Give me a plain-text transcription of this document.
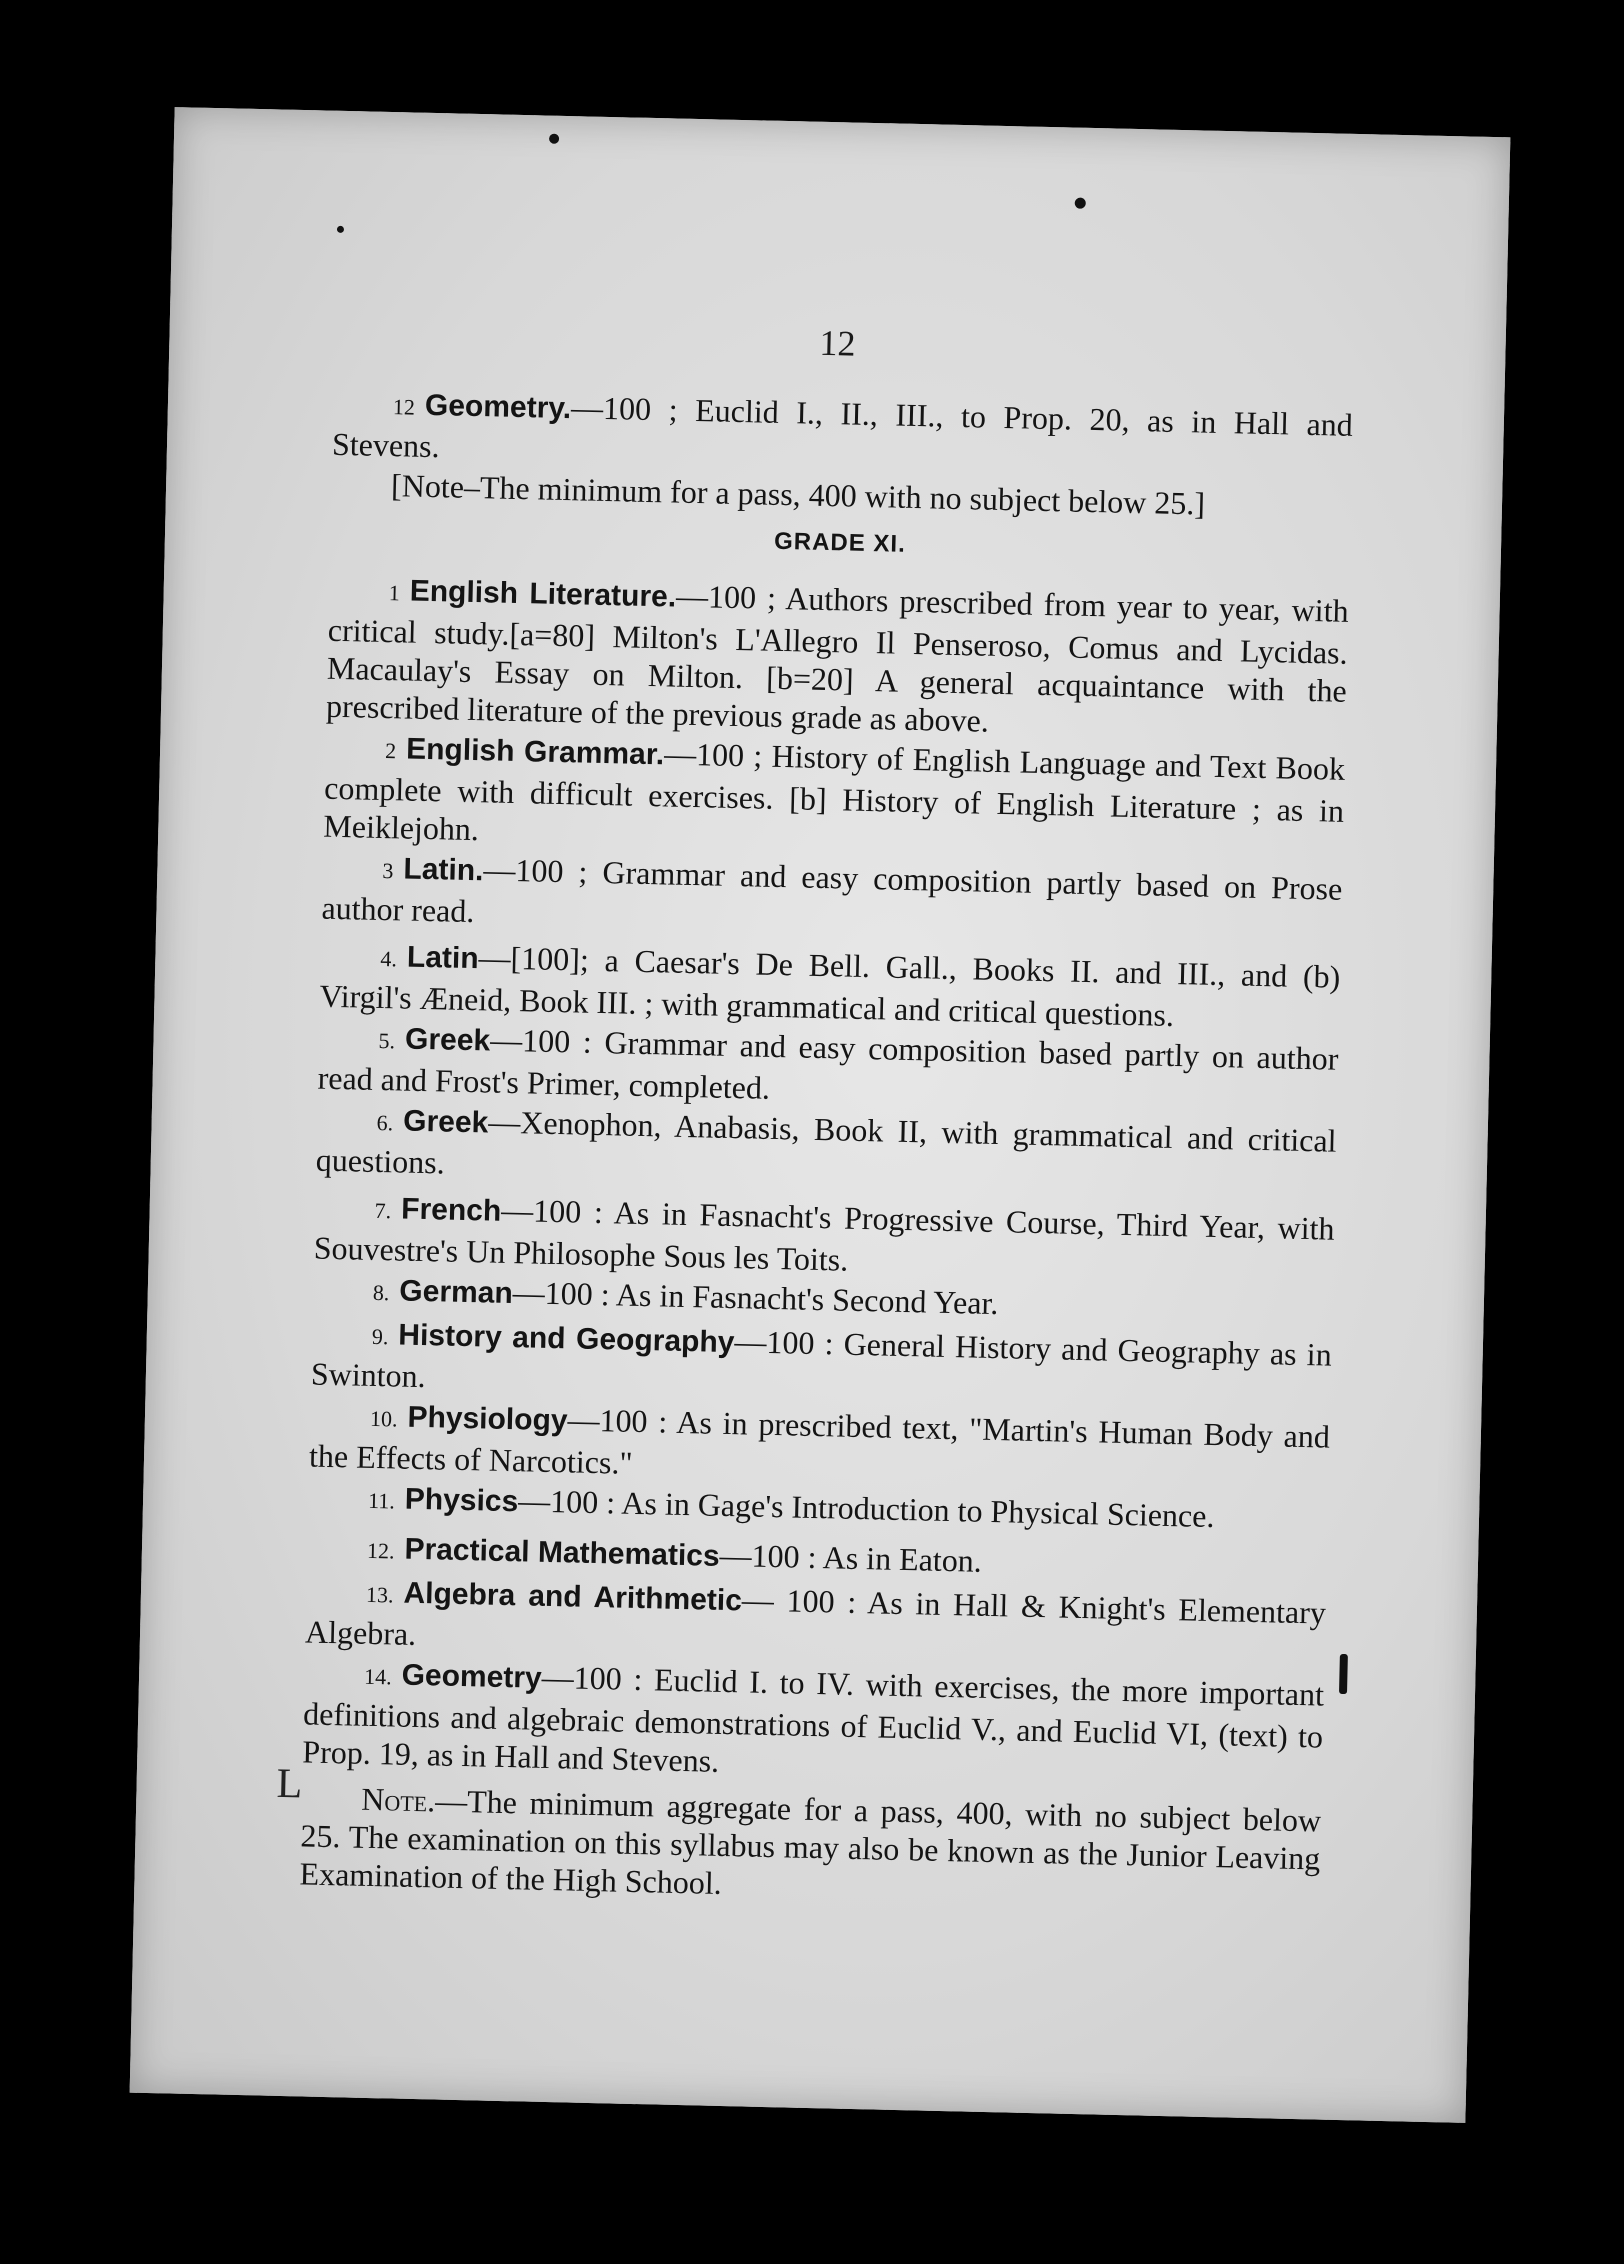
12

12 Geometry.—100 ; Euclid I., II., III., to Prop. 20, as in Hall and Stevens.

[Note–The minimum for a pass, 400 with no subject below 25.]

GRADE XI.

1 English Literature.—100 ; Authors prescribed from year to year, with critical study.[a=80] Milton's L'Allegro Il Penseroso, Comus and Lycidas. Macaulay's Essay on Milton. [b=20] A general acquaintance with the prescribed literature of the previous grade as above.

2 English Grammar.—100 ; History of English Language and Text Book complete with difficult exercises. [b] History of English Literature ; as in Meiklejohn.

3 Latin.—100 ; Grammar and easy composition partly based on Prose author read.

4. Latin—[100]; a Caesar's De Bell. Gall., Books II. and III., and (b) Virgil's Æneid, Book III. ; with grammatical and critical questions.

5. Greek—100 : Grammar and easy composition based partly on author read and Frost's Primer, completed.

6. Greek—Xenophon, Anabasis, Book II, with grammatical and critical questions.

7. French—100 : As in Fasnacht's Progressive Course, Third Year, with Souvestre's Un Philosophe Sous les Toits.

8. German—100 : As in Fasnacht's Second Year.

9. History and Geography—100 : General History and Geography as in Swinton.

10. Physiology—100 : As in prescribed text, "Martin's Human Body and the Effects of Narcotics."

11. Physics—100 : As in Gage's Introduction to Physical Science.

12. Practical Mathematics—100 : As in Eaton.

13. Algebra and Arithmetic— 100 : As in Hall & Knight's Elementary Algebra.

14. Geometry—100 : Euclid I. to IV. with exercises, the more important definitions and algebraic demonstrations of Euclid V., and Euclid VI, (text) to Prop. 19, as in Hall and Stevens.

Note.—The minimum aggregate for a pass, 400, with no subject below 25. The examination on this syllabus may also be known as the Junior Leaving Examination of the High School.

L
